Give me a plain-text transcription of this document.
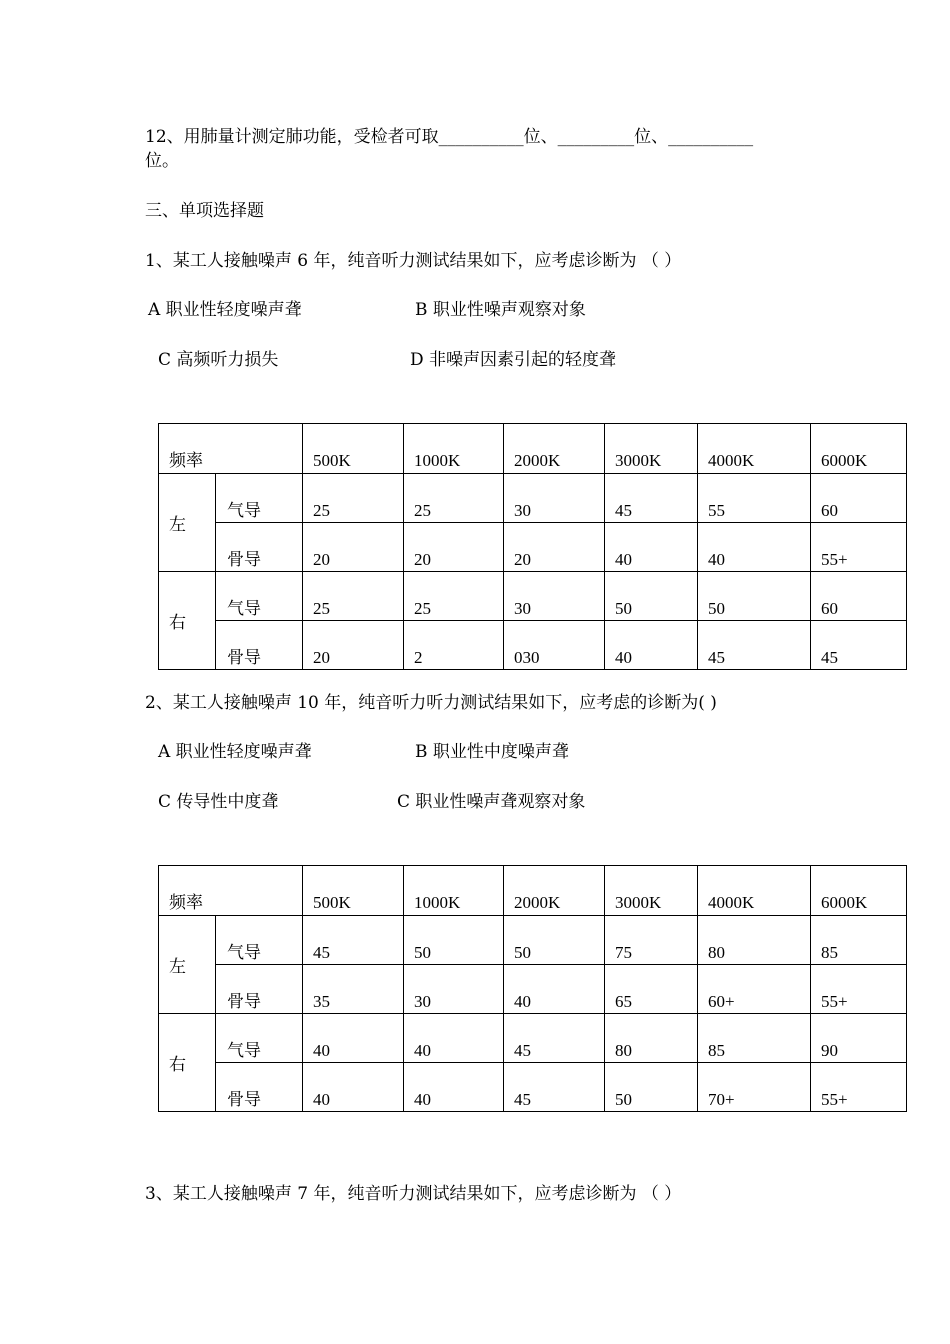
12、用肺量计测定肺功能，受检者可取__________位、_________位、__________
位。
三、单项选择题
1、某工人接触噪声 6 年，纯音听力测试结果如下，应考虑诊断为 （ ）
A 职业性轻度噪声聋	B 职业性噪声观察对象
C 高频听力损失	D 非噪声因素引起的轻度聋
频率		500K	1000K	2000K	3000K	4000K	6000K
左	气导	25	25	30	45	55	60
	骨导	20	20	20	40	40	55+
右	气导	25	25	30	50	50	60
	骨导	20	2	030	40	45	45
2、某工人接触噪声 10 年，纯音听力听力测试结果如下，应考虑的诊断为( )
A 职业性轻度噪声聋	B 职业性中度噪声聋
C 传导性中度聋	C 职业性噪声聋观察对象
频率		500K	1000K	2000K	3000K	4000K	6000K
左	气导	45	50	50	75	80	85
	骨导	35	30	40	65	60+	55+
右	气导	40	40	45	80	85	90
	骨导	40	40	45	50	70+	55+
3、某工人接触噪声 7 年，纯音听力测试结果如下，应考虑诊断为 （ ）
